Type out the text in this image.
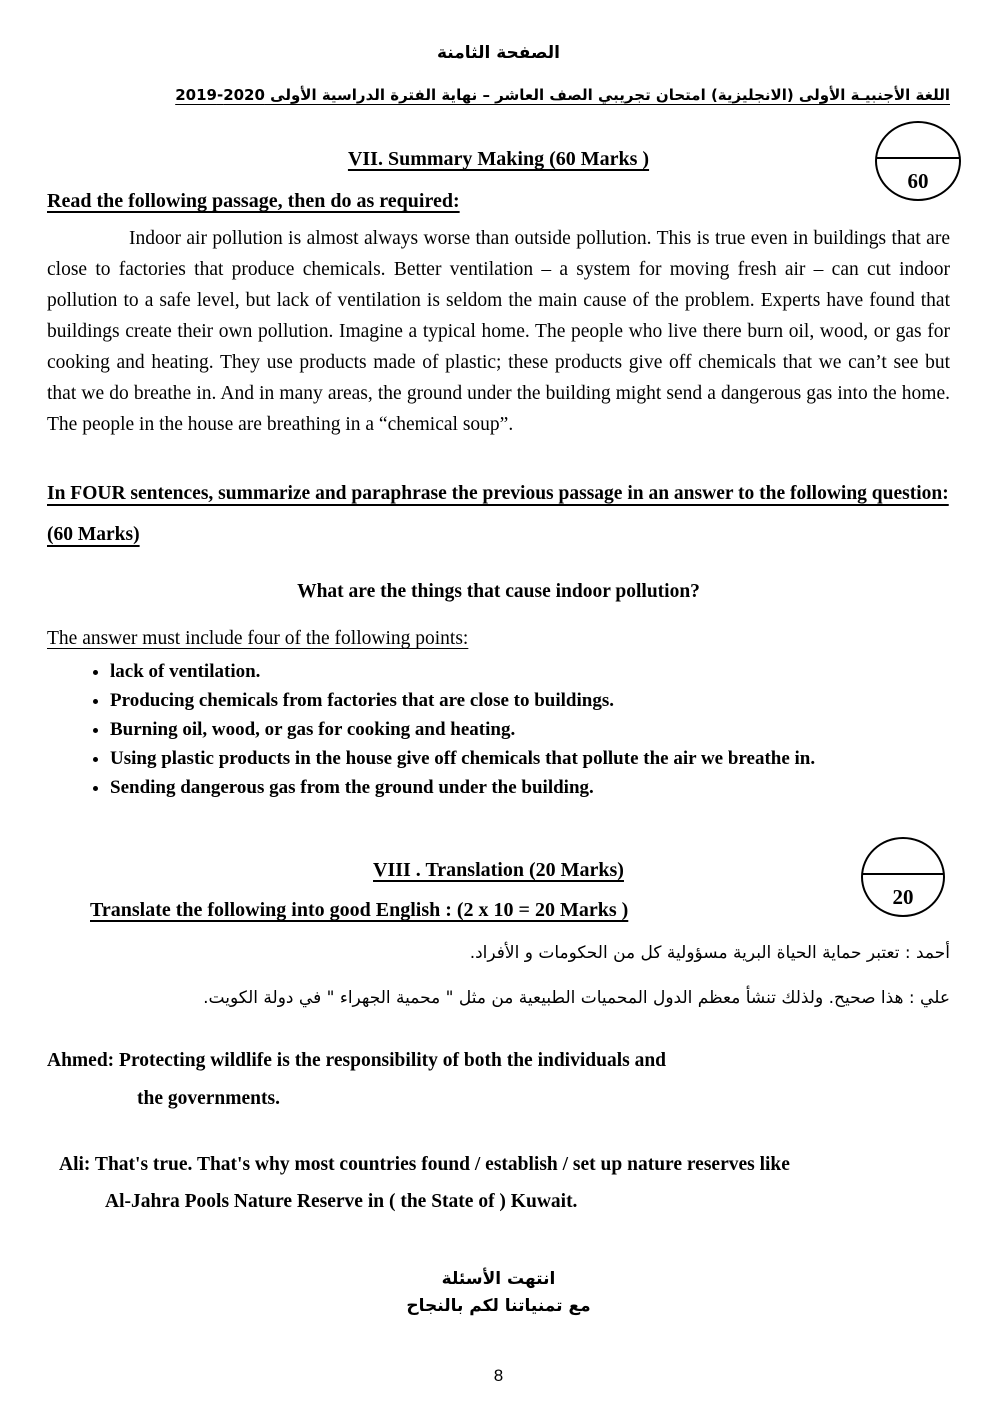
الصفحة الثامنة
اللغة الأجنبيـة الأولى (الانجليزية) امتحان تجريبي الصف العاشر – نهاية الفترة الدراسية الأولى 2020-2019
VII. Summary Making (60 Marks )
60
Read the following passage, then do as required:

Indoor air pollution is almost always worse than outside pollution. This is true even in buildings that are close to factories that produce chemicals. Better ventilation – a system for moving fresh air – can cut indoor pollution to a safe level, but lack of ventilation is seldom the main cause of the problem. Experts have found that buildings create their own pollution. Imagine a typical home. The people who live there burn oil, wood, or gas for cooking and heating. They use products made of plastic; these products give off chemicals that we can’t see but that we do breathe in. And in many areas, the ground under the building might send a dangerous gas into the home. The people in the house are breathing in a “chemical soup”.

In FOUR sentences, summarize and paraphrase the previous passage in an answer to the following question: (60 Marks)
What are the things that cause indoor pollution?
The answer must include four of the following points:
• lack of ventilation.
• Producing chemicals from factories that are close to buildings.
• Burning oil, wood, or gas for cooking and heating.
• Using plastic products in the house give off chemicals that pollute the air we breathe in.
• Sending dangerous gas from the ground under the building.
VIII . Translation (20 Marks)
20
Translate the following into good English : (2 x 10 = 20 Marks )
أحمد : تعتبر حماية الحياة البرية مسؤولية كل من الحكومات و الأفراد.
علي : هذا صحيح. ولذلك تنشأ معظم الدول المحميات الطبيعية من مثل " محمية الجهراء " في دولة الكويت.
Ahmed: Protecting wildlife is the responsibility of both the individuals and
the governments.
Ali: That's true. That's why most countries found / establish / set up nature reserves like
Al-Jahra Pools Nature Reserve in ( the State of ) Kuwait.
انتهت الأسئلة
مع تمنياتنا لكم بالنجاح
8
